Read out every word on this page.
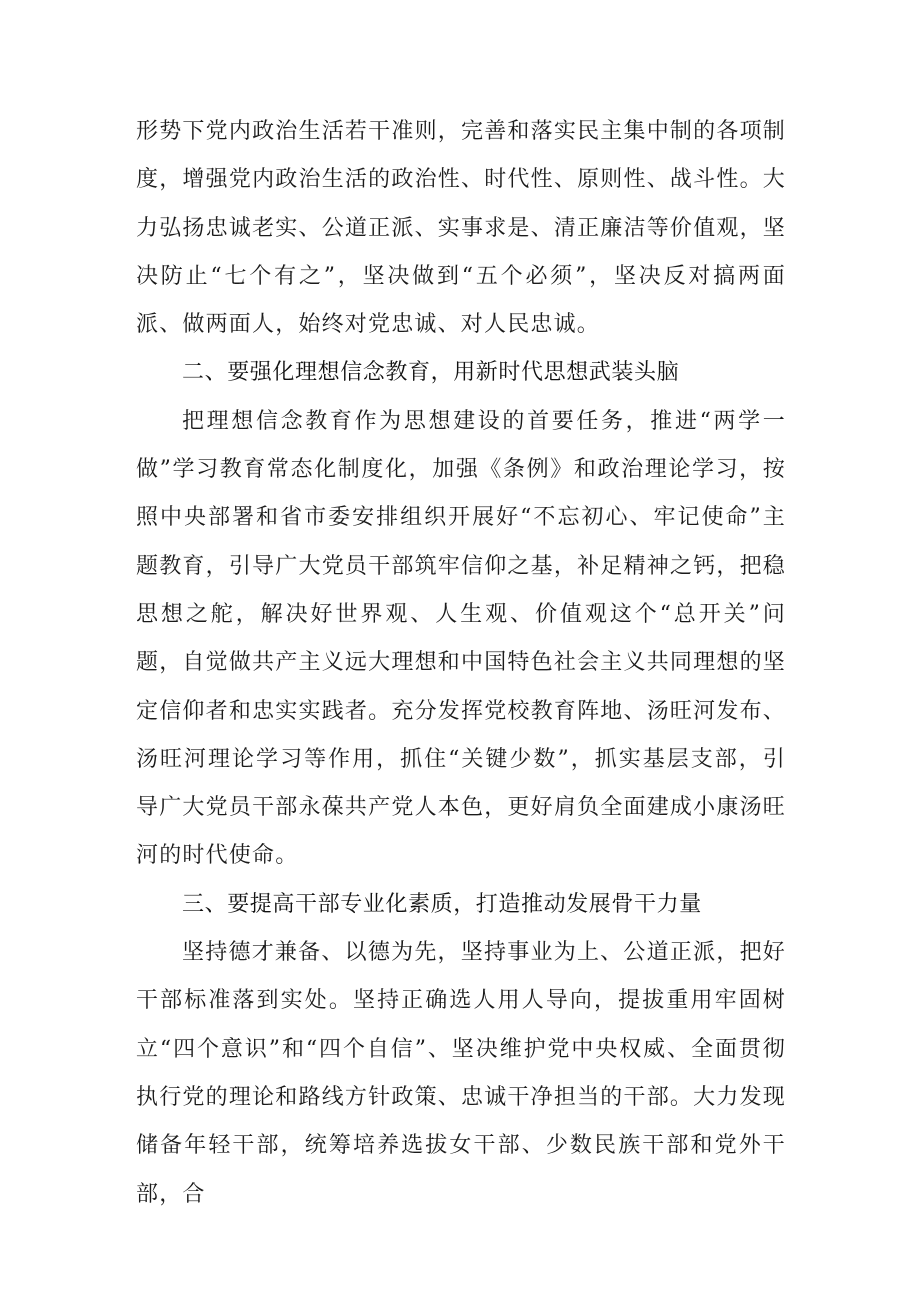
形势下党内政治生活若干准则，完善和落实民主集中制的各项制度，增强党内政治生活的政治性、时代性、原则性、战斗性。大力弘扬忠诚老实、公道正派、实事求是、清正廉洁等价值观，坚决防止“七个有之”，坚决做到“五个必须”，坚决反对搞两面派、做两面人，始终对党忠诚、对人民忠诚。

二、要强化理想信念教育，用新时代思想武装头脑

把理想信念教育作为思想建设的首要任务，推进“两学一做”学习教育常态化制度化，加强《条例》和政治理论学习，按照中央部署和省市委安排组织开展好“不忘初心、牢记使命”主题教育，引导广大党员干部筑牢信仰之基，补足精神之钙，把稳思想之舵，解决好世界观、人生观、价值观这个“总开关”问题，自觉做共产主义远大理想和中国特色社会主义共同理想的坚定信仰者和忠实实践者。充分发挥党校教育阵地、汤旺河发布、汤旺河理论学习等作用，抓住“关键少数”，抓实基层支部，引导广大党员干部永葆共产党人本色，更好肩负全面建成小康汤旺河的时代使命。

三、要提高干部专业化素质，打造推动发展骨干力量

坚持德才兼备、以德为先，坚持事业为上、公道正派，把好干部标准落到实处。坚持正确选人用人导向，提拔重用牢固树立“四个意识”和“四个自信”、坚决维护党中央权威、全面贯彻执行党的理论和路线方针政策、忠诚干净担当的干部。大力发现储备年轻干部，统筹培养选拔女干部、少数民族干部和党外干部，合
